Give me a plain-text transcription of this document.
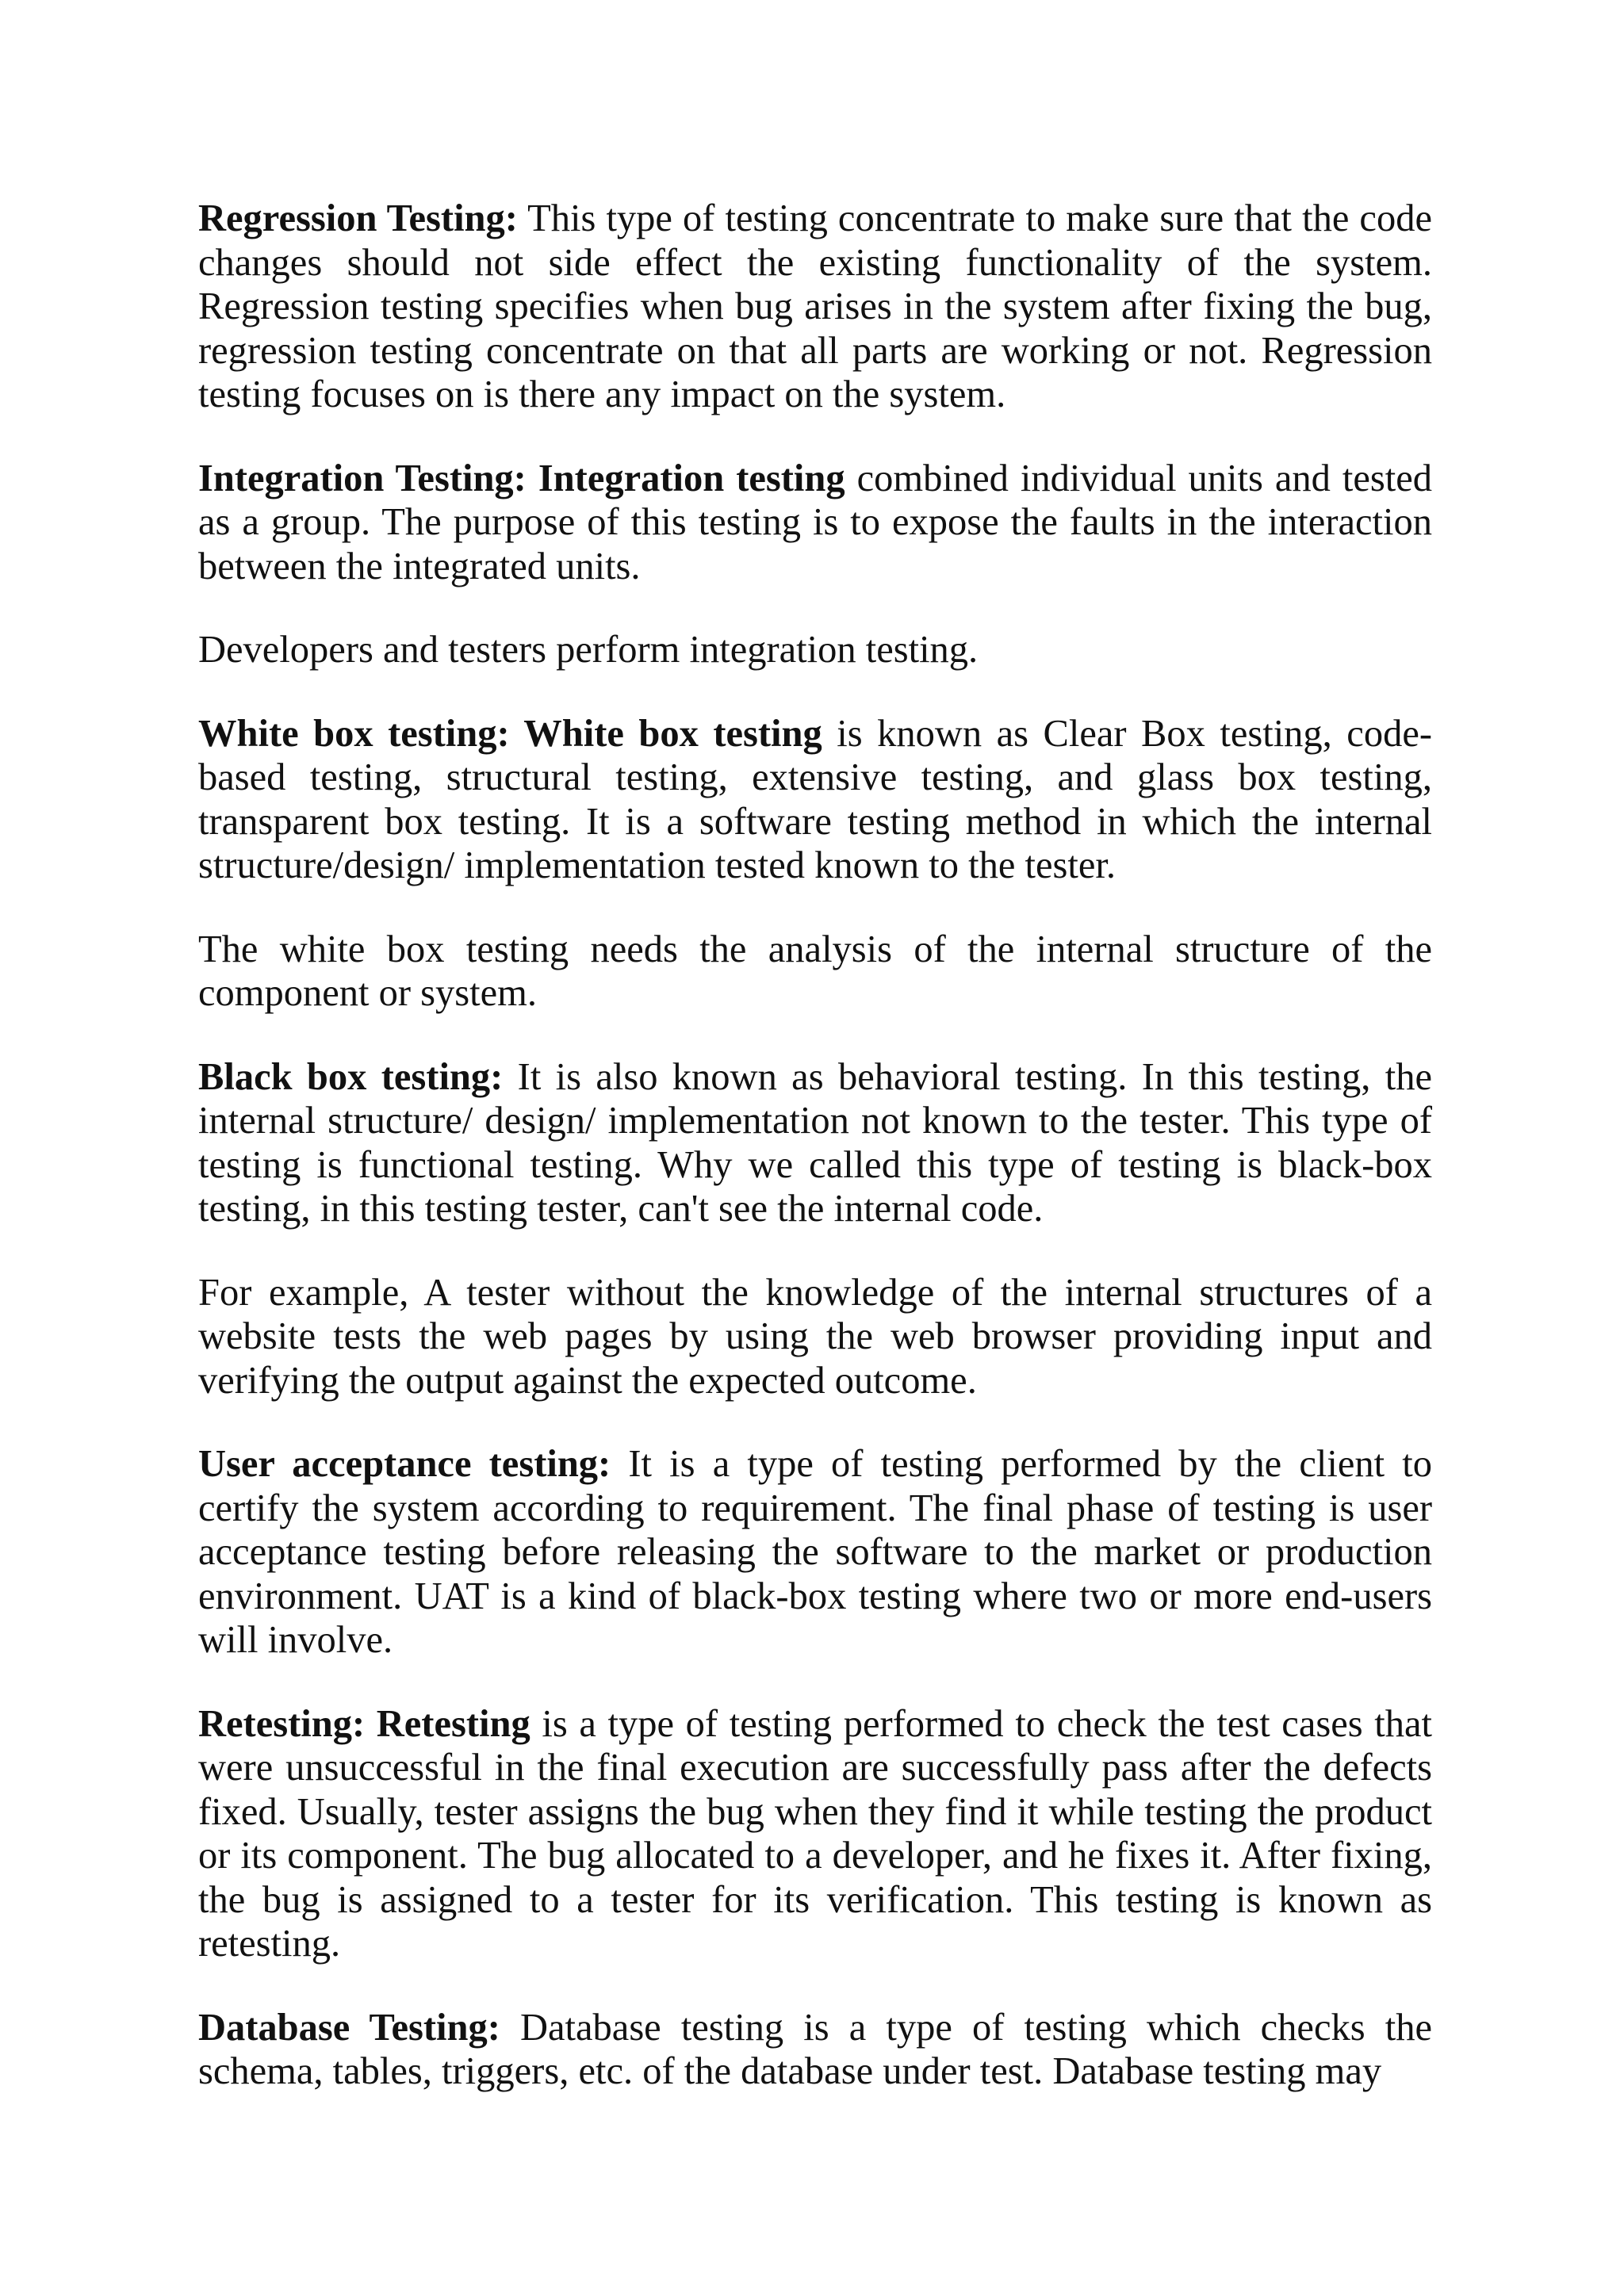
Regression Testing: This type of testing concentrate to make sure that the code changes should not side effect the existing functionality of the system. Regression testing specifies when bug arises in the system after fixing the bug, regression testing concentrate on that all parts are working or not. Regression testing focuses on is there any impact on the system.

Integration Testing: Integration testing combined individual units and tested as a group. The purpose of this testing is to expose the faults in the interaction between the integrated units.

Developers and testers perform integration testing.

White box testing: White box testing is known as Clear Box testing, code-based testing, structural testing, extensive testing, and glass box testing, transparent box testing. It is a software testing method in which the internal structure/design/ implementation tested known to the tester.

The white box testing needs the analysis of the internal structure of the component or system.

Black box testing: It is also known as behavioral testing. In this testing, the internal structure/ design/ implementation not known to the tester. This type of testing is functional testing. Why we called this type of testing is black-box testing, in this testing tester, can't see the internal code.

For example, A tester without the knowledge of the internal structures of a website tests the web pages by using the web browser providing input and verifying the output against the expected outcome.

User acceptance testing: It is a type of testing performed by the client to certify the system according to requirement. The final phase of testing is user acceptance testing before releasing the software to the market or production environment. UAT is a kind of black-box testing where two or more end-users will involve.

Retesting: Retesting is a type of testing performed to check the test cases that were unsuccessful in the final execution are successfully pass after the defects fixed. Usually, tester assigns the bug when they find it while testing the product or its component. The bug allocated to a developer, and he fixes it. After fixing, the bug is assigned to a tester for its verification. This testing is known as retesting.

Database Testing: Database testing is a type of testing which checks the schema, tables, triggers, etc. of the database under test. Database testing may
